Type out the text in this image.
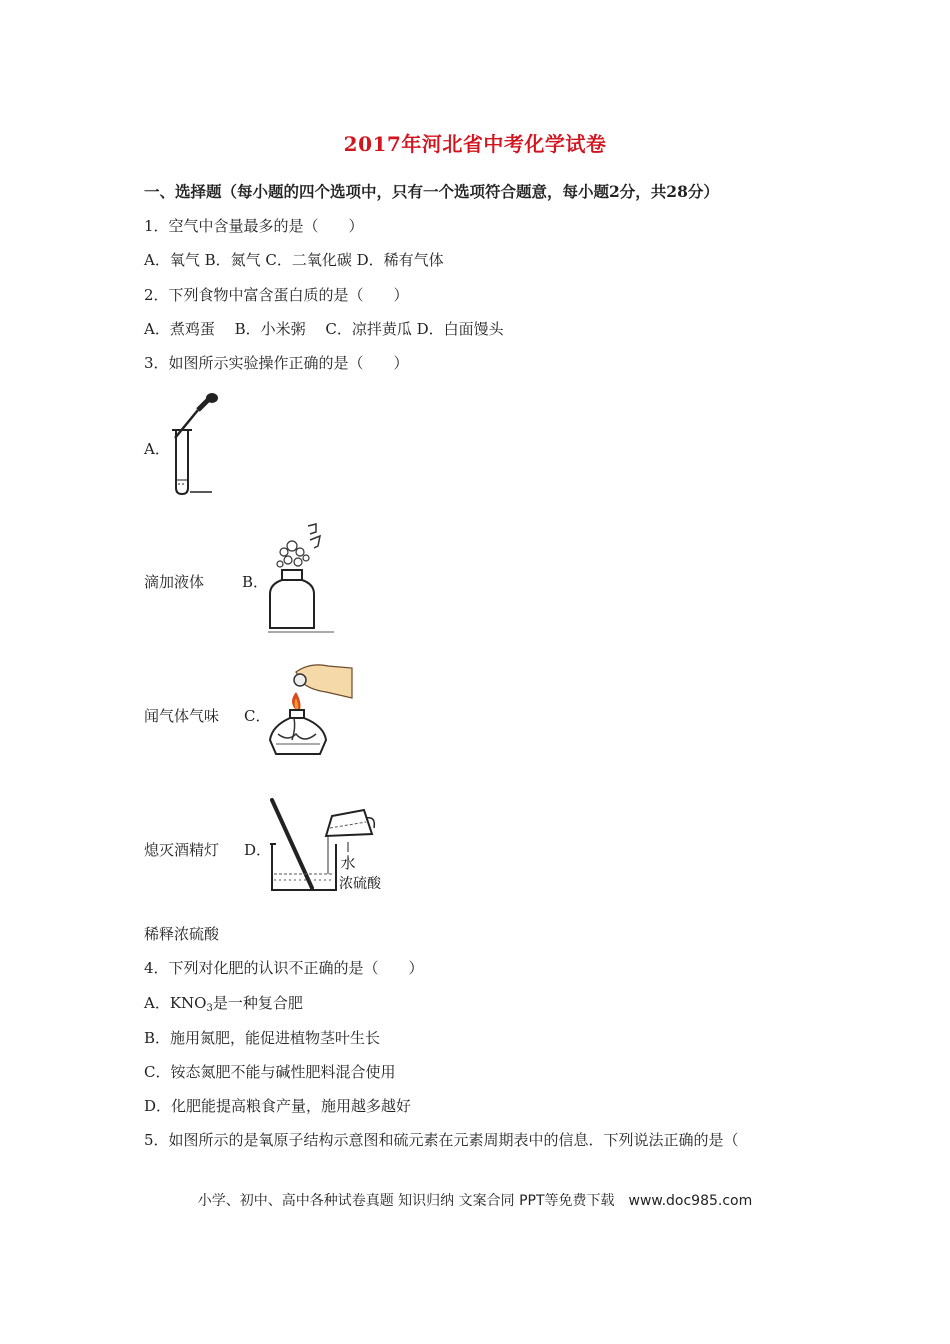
2017年河北省中考化学试卷
一、选择题（每小题的四个选项中，只有一个选项符合题意，每小题2分，共28分）
1．空气中含量最多的是（　　）
A．氧气 B．氮气 C．二氧化碳 D．稀有气体
2．下列食物中富含蛋白质的是（　　）
A．煮鸡蛋　 B．小米粥　 C．凉拌黄瓜 D．白面馒头
3．如图所示实验操作正确的是（　　）
A．
滴加液体	B．
闻气体气味 C．
熄灭酒精灯 D．
水
浓硫酸
稀释浓硫酸
4．下列对化肥的认识不正确的是（　　）
A．$KNO_3$是一种复合肥
B．施用氮肥，能促进植物茎叶生长
C．铵态氮肥不能与碱性肥料混合使用
D．化肥能提高粮食产量，施用越多越好
5．如图所示的是氧原子结构示意图和硫元素在元素周期表中的信息．下列说法正确的是（
小学、初中、高中各种试卷真题 知识归纳 文案合同 PPT等免费下载　www.doc985.com
